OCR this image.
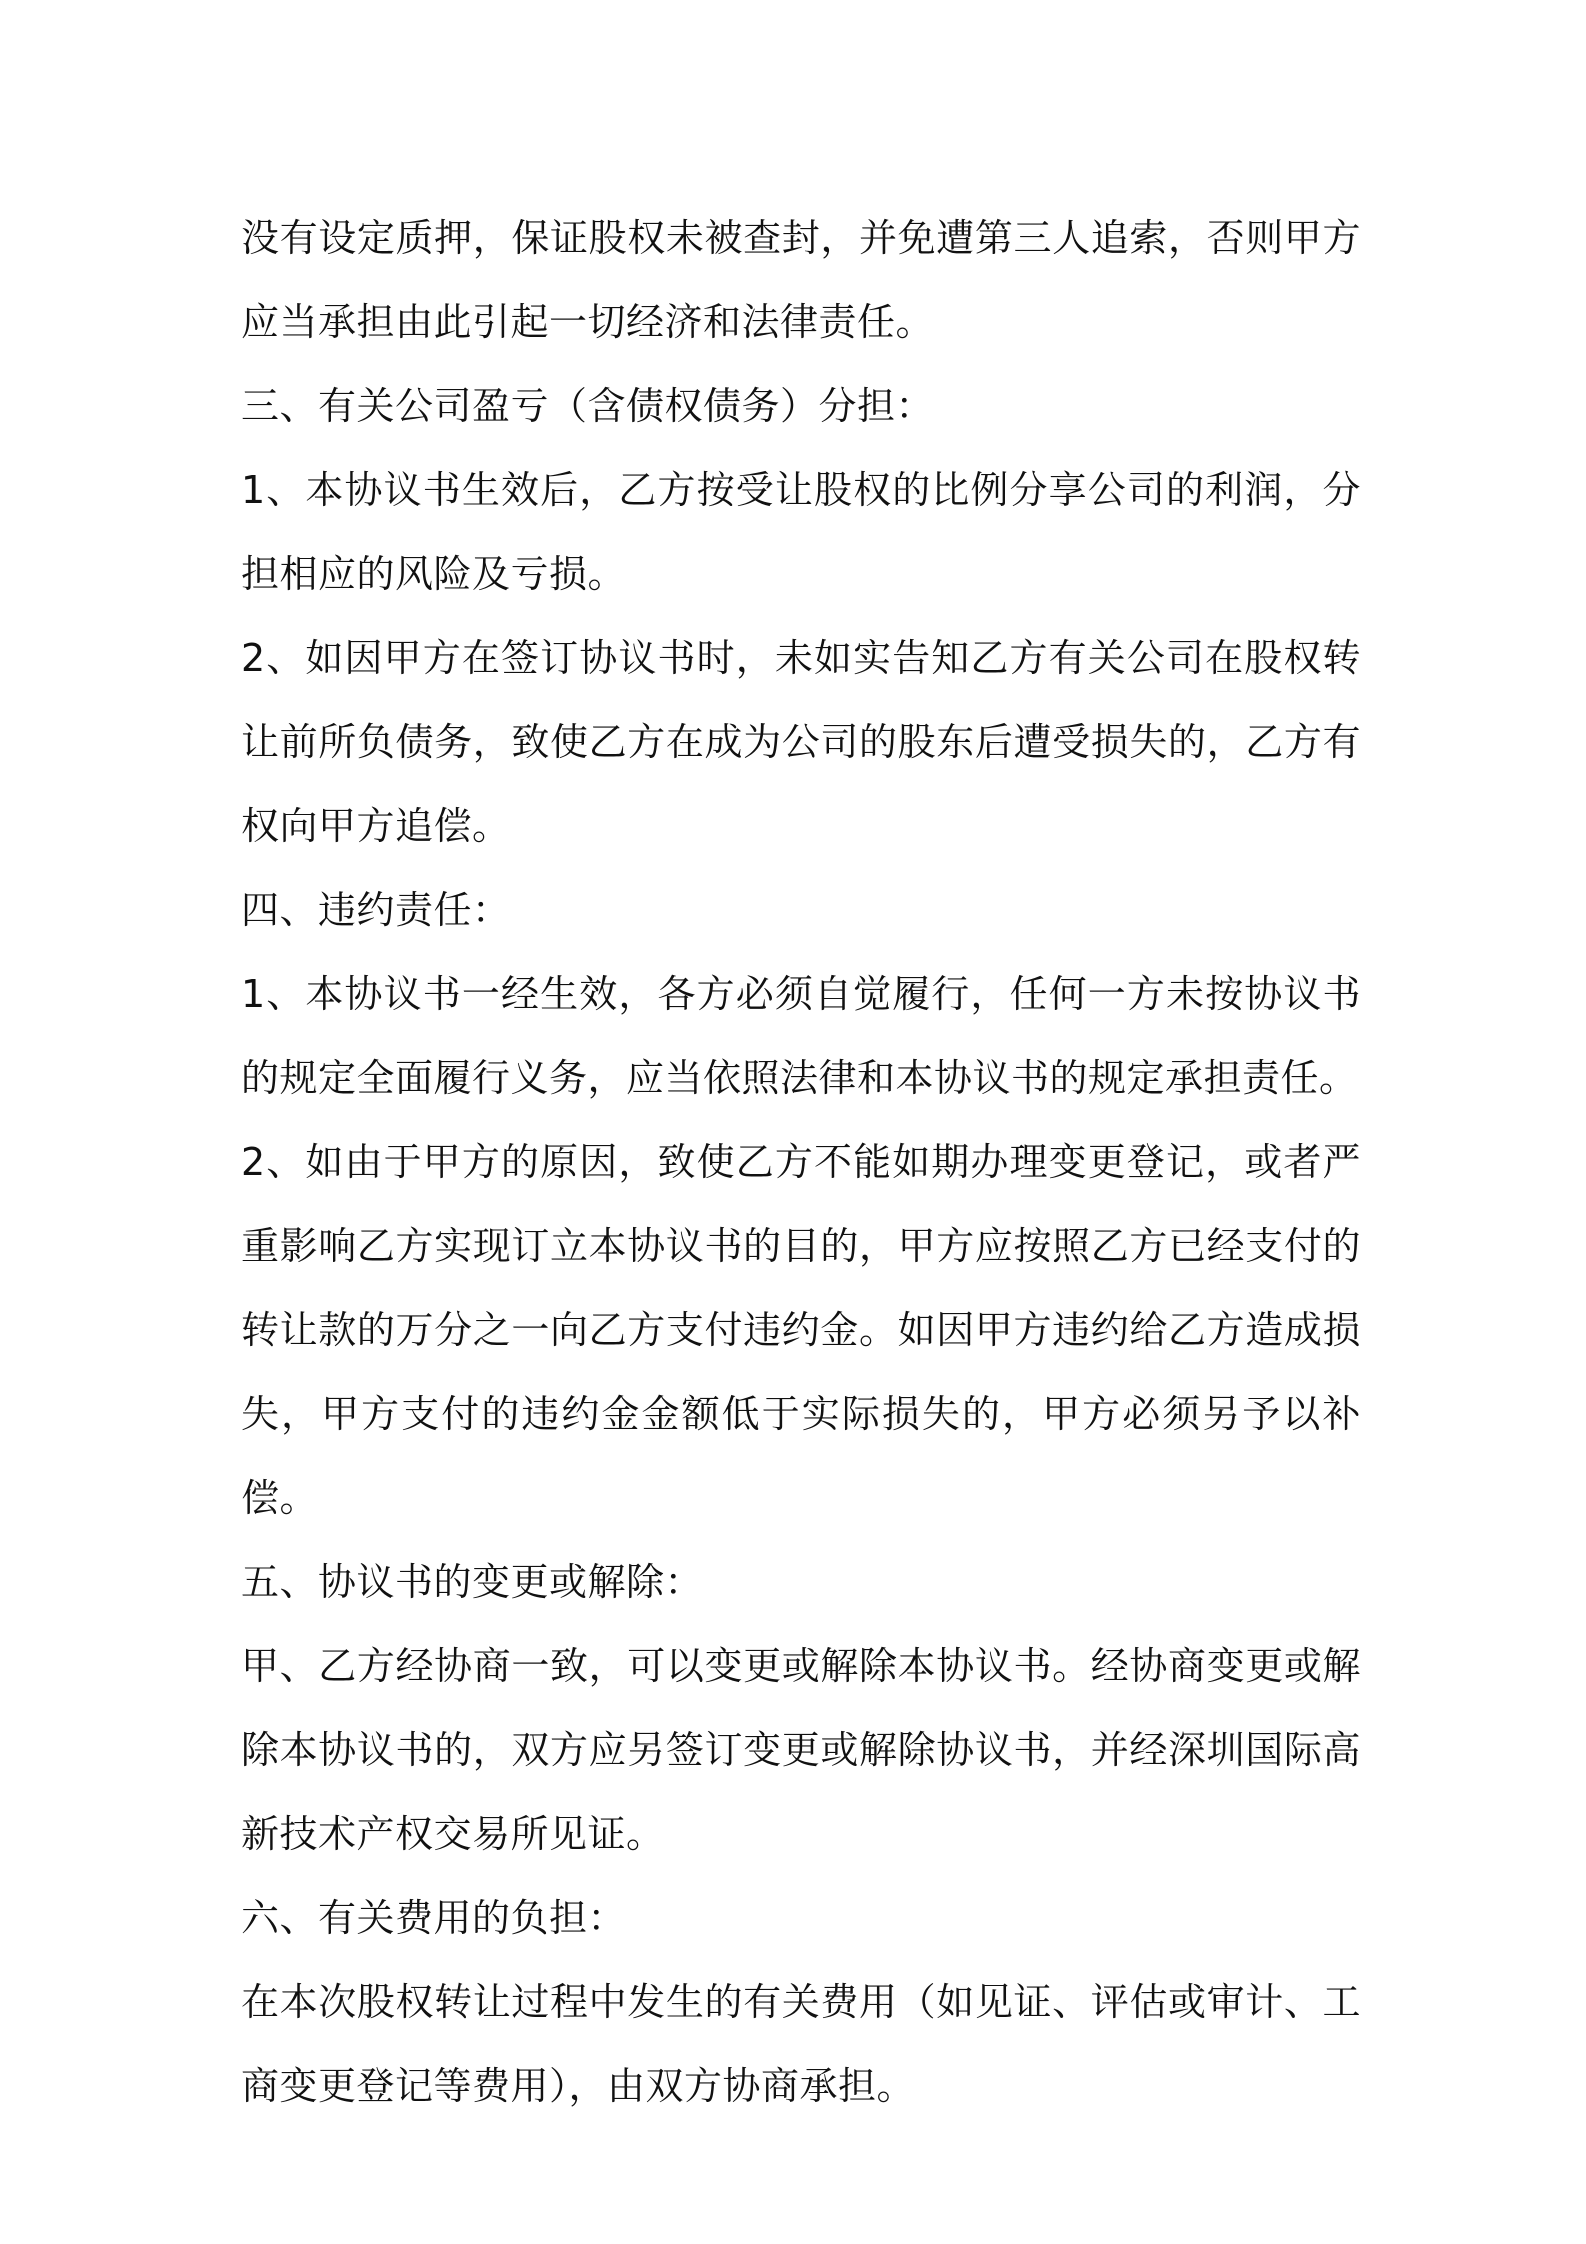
没有设定质押，保证股权未被查封，并免遭第三人追索，否则甲方应当承担由此引起一切经济和法律责任。

三、有关公司盈亏（含债权债务）分担：

1、本协议书生效后，乙方按受让股权的比例分享公司的利润，分担相应的风险及亏损。

2、如因甲方在签订协议书时，未如实告知乙方有关公司在股权转让前所负债务，致使乙方在成为公司的股东后遭受损失的，乙方有权向甲方追偿。

四、违约责任：

1、本协议书一经生效，各方必须自觉履行，任何一方未按协议书的规定全面履行义务，应当依照法律和本协议书的规定承担责任。

2、如由于甲方的原因，致使乙方不能如期办理变更登记，或者严重影响乙方实现订立本协议书的目的，甲方应按照乙方已经支付的转让款的万分之一向乙方支付违约金。如因甲方违约给乙方造成损失，甲方支付的违约金金额低于实际损失的，甲方必须另予以补偿。

五、协议书的变更或解除：

甲、乙方经协商一致，可以变更或解除本协议书。经协商变更或解除本协议书的，双方应另签订变更或解除协议书，并经深圳国际高新技术产权交易所见证。

六、有关费用的负担：

在本次股权转让过程中发生的有关费用（如见证、评估或审计、工商变更登记等费用），由双方协商承担。
